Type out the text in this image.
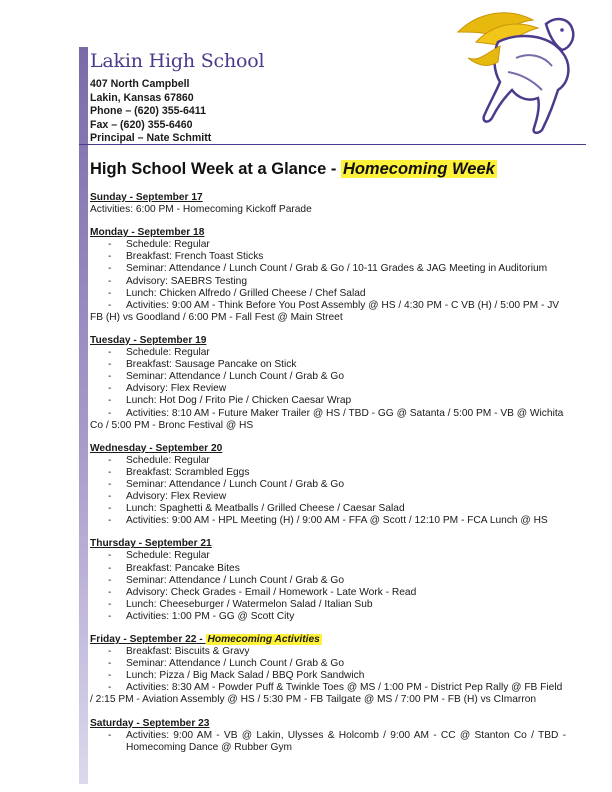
Lakin High School
407 North Campbell
Lakin, Kansas 67860
Phone – (620) 355-6411
Fax – (620) 355-6460
Principal – Nate Schmitt
High School Week at a Glance - Homecoming Week
Sunday - September 17
Activities: 6:00 PM - Homecoming Kickoff Parade
Monday - September 18
- Schedule: Regular
- Breakfast: French Toast Sticks
- Seminar: Attendance / Lunch Count / Grab & Go / 10-11 Grades & JAG Meeting in Auditorium
- Advisory: SAEBRS Testing
- Lunch: Chicken Alfredo / Grilled Cheese / Chef Salad
- Activities: 9:00 AM - Think Before You Post Assembly @ HS / 4:30 PM - C VB (H) / 5:00 PM - JV
FB (H) vs Goodland / 6:00 PM - Fall Fest @ Main Street
Tuesday - September 19
- Schedule: Regular
- Breakfast: Sausage Pancake on Stick
- Seminar: Attendance / Lunch Count / Grab & Go
- Advisory: Flex Review
- Lunch: Hot Dog / Frito Pie / Chicken Caesar Wrap
- Activities: 8:10 AM - Future Maker Trailer @ HS / TBD - GG @ Satanta / 5:00 PM - VB @ Wichita
Co / 5:00 PM - Bronc Festival @ HS
Wednesday - September 20
- Schedule: Regular
- Breakfast: Scrambled Eggs
- Seminar: Attendance / Lunch Count / Grab & Go
- Advisory: Flex Review
- Lunch: Spaghetti & Meatballs / Grilled Cheese / Caesar Salad
- Activities: 9:00 AM - HPL Meeting (H) / 9:00 AM - FFA @ Scott / 12:10 PM - FCA Lunch @ HS
Thursday - September 21
- Schedule: Regular
- Breakfast: Pancake Bites
- Seminar: Attendance / Lunch Count / Grab & Go
- Advisory: Check Grades - Email / Homework - Late Work - Read
- Lunch: Cheeseburger / Watermelon Salad / Italian Sub
- Activities: 1:00 PM - GG @ Scott City
Friday - September 22 - Homecoming Activities
- Breakfast: Biscuits & Gravy
- Seminar: Attendance / Lunch Count / Grab & Go
- Lunch: Pizza / Big Mack Salad / BBQ Pork Sandwich
- Activities: 8:30 AM - Powder Puff & Twinkle Toes @ MS / 1:00 PM - District Pep Rally @ FB Field
/ 2:15 PM - Aviation Assembly @ HS / 5:30 PM - FB Tailgate @ MS / 7:00 PM - FB (H) vs CImarron
Saturday - September 23
- Activities: 9:00 AM - VB @ Lakin, Ulysses & Holcomb / 9:00 AM - CC @ Stanton Co / TBD - Homecoming Dance @ Rubber Gym
